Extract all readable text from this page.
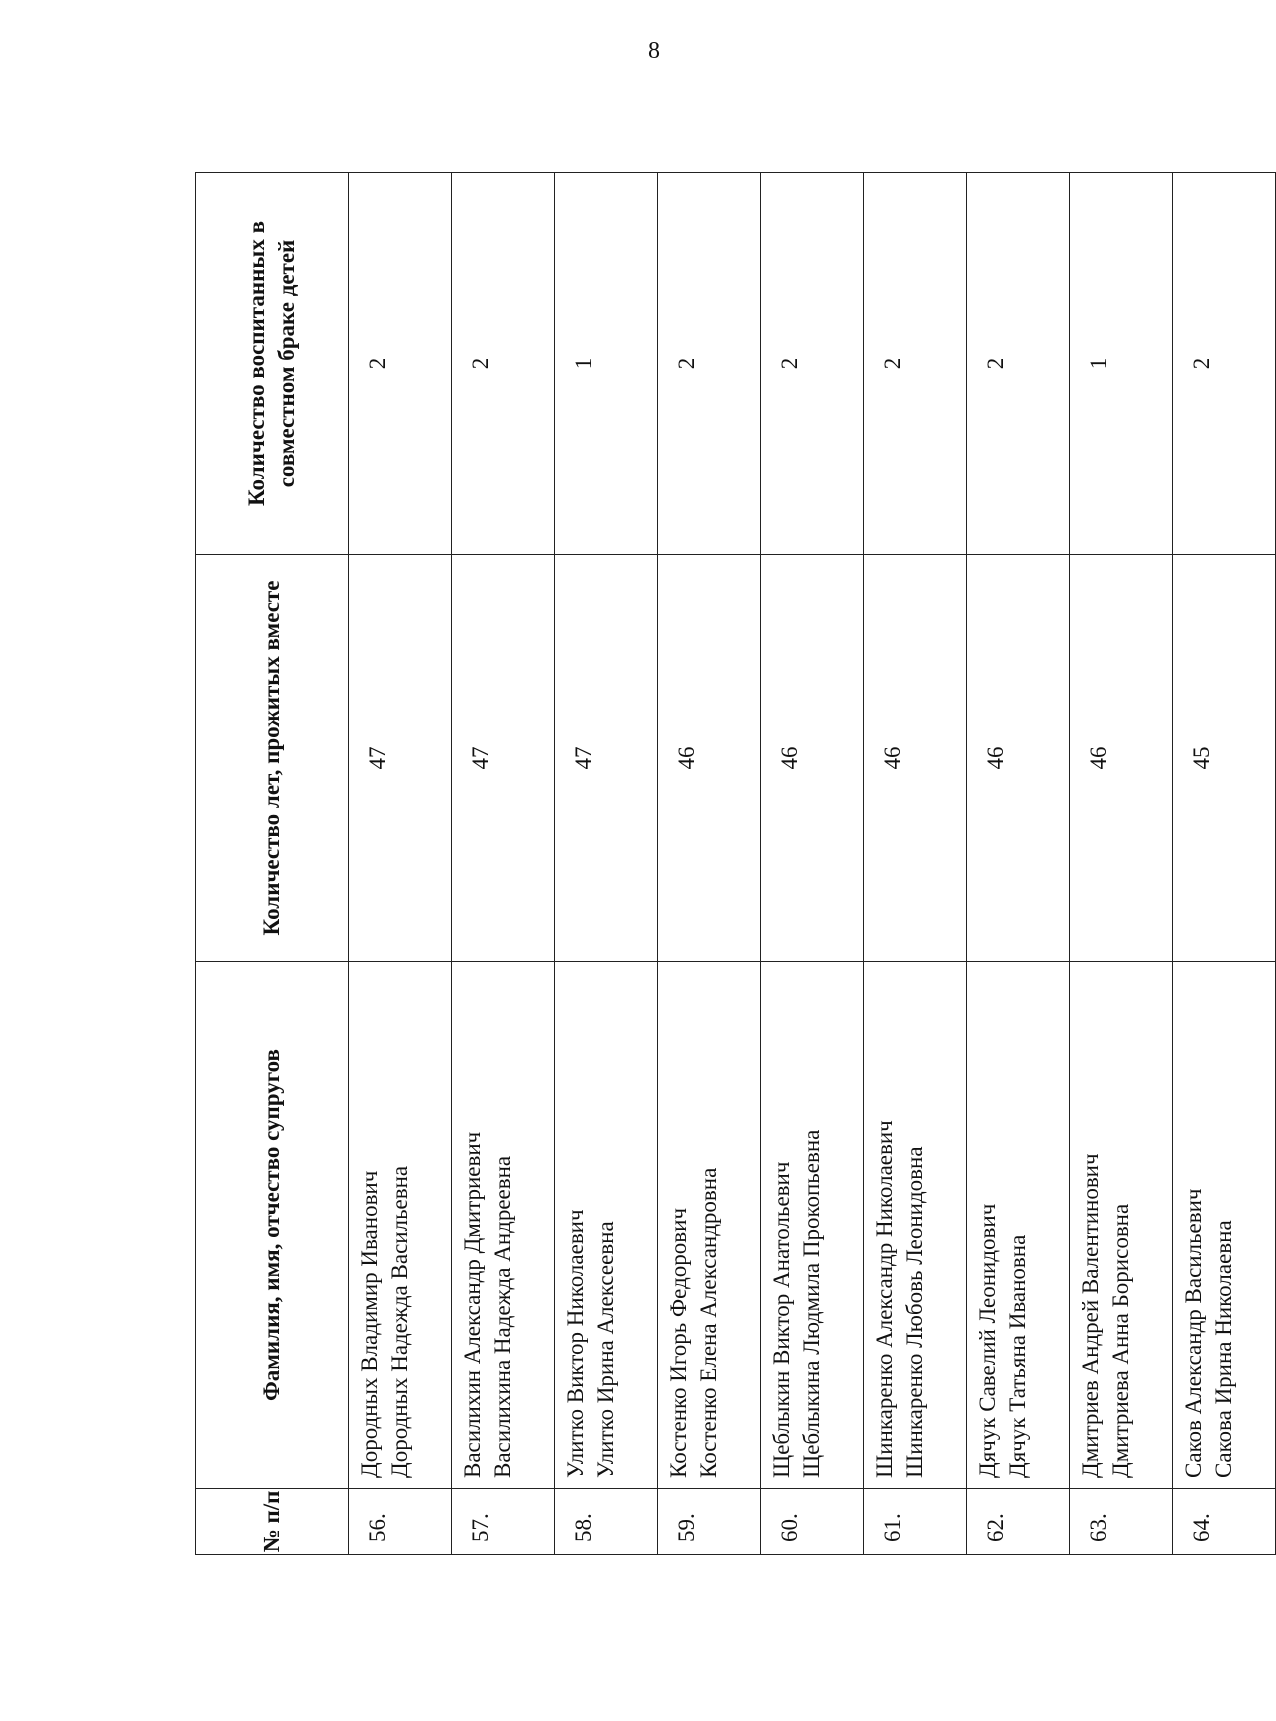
8
№ п/п	Фамилия, имя, отчество супругов	Количество лет, прожитых вместе	Количество воспитанных в совместном браке детей
56.	Дородных Владимир Иванович Дородных Надежда Васильевна	47	2
57.	Василихин Александр Дмитриевич Василихина Надежда Андреевна	47	2
58.	Улитко Виктор Николаевич Улитко Ирина Алексеевна	47	1
59.	Костенко Игорь Федорович Костенко Елена Александровна	46	2
60.	Щеблыкин Виктор Анатольевич Щеблыкина Людмила Прокопьевна	46	2
61.	Шинкаренко Александр Николаевич Шинкаренко Любовь Леонидовна	46	2
62.	Дячук Савелий Леонидович Дячук Татьяна Ивановна	46	2
63.	Дмитриев Андрей Валентинович Дмитриева Анна Борисовна	46	1
64.	Саков Александр Васильевич Сакова Ирина Николаевна	45	2
